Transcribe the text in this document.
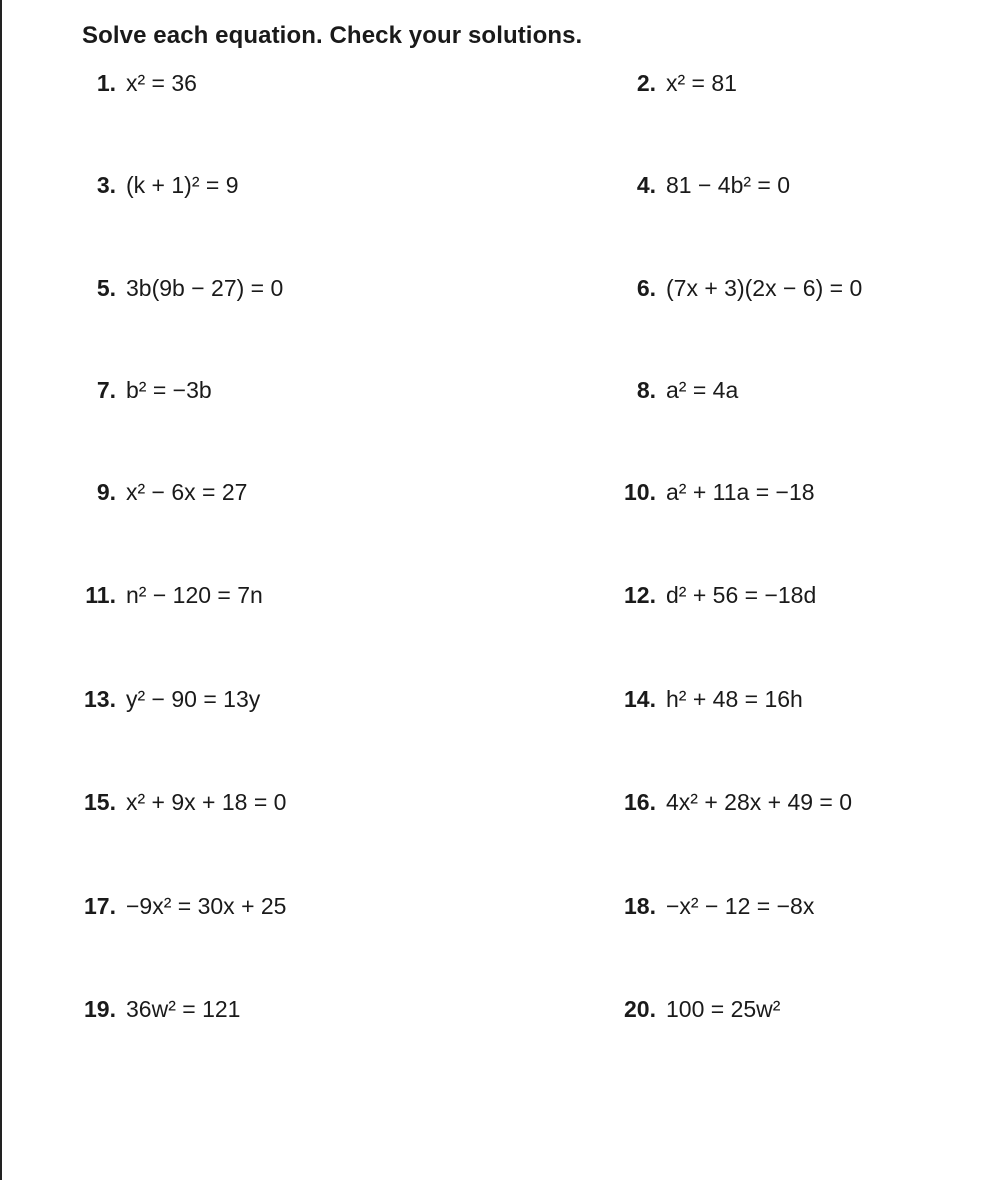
Solve each equation. Check your solutions.
1. x² = 36	2. x² = 81
3. (k + 1)² = 9	4. 81 − 4b² = 0
5. 3b(9b − 27) = 0	6. (7x + 3)(2x − 6) = 0
7. b² = −3b	8. a² = 4a
9. x² − 6x = 27	10. a² + 11a = −18
11. n² − 120 = 7n	12. d² + 56 = −18d
13. y² − 90 = 13y	14. h² + 48 = 16h
15. x² + 9x + 18 = 0	16. 4x² + 28x + 49 = 0
17. −9x² = 30x + 25	18. −x² − 12 = −8x
19. 36w² = 121	20. 100 = 25w²
